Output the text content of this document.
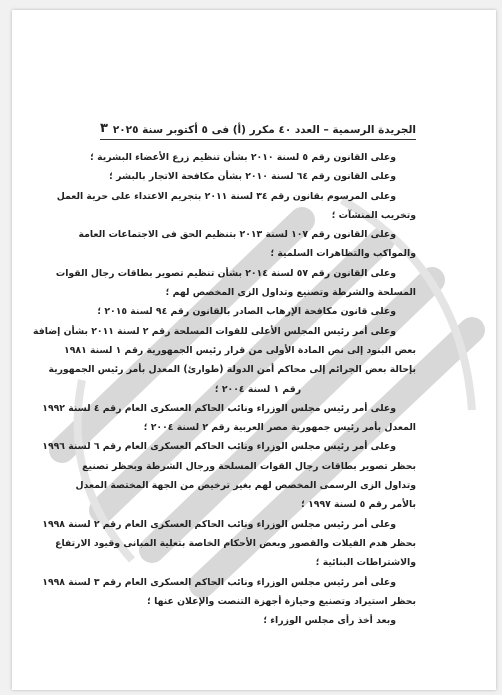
الجريدة الرسمية – العدد ٤٠ مكرر (أ) فى ٥ أكتوبر سنة ٢٠٢٥
٣
وعلى القانون رقم ٥ لسنة ٢٠١٠ بشأن تنظيم زرع الأعضاء البشرية ؛
وعلى القانون رقم ٦٤ لسنة ٢٠١٠ بشأن مكافحة الاتجار بالبشر ؛
وعلى المرسوم بقانون رقم ٣٤ لسنة ٢٠١١ بتجريم الاعتداء على حرية العمل
وتخريب المنشآت ؛
وعلى القانون رقم ١٠٧ لسنة ٢٠١٣ بتنظيم الحق فى الاجتماعات العامة
والمواكب والتظاهرات السلمية ؛
وعلى القانون رقم ٥٧ لسنة ٢٠١٤ بشأن تنظيم تصوير بطاقات رجال القوات
المسلحة والشرطة وتصنيع وتداول الزى المخصص لهم ؛
وعلى قانون مكافحة الإرهاب الصادر بالقانون رقم ٩٤ لسنة ٢٠١٥ ؛
وعلى أمر رئيس المجلس الأعلى للقوات المسلحة رقم ٢ لسنة ٢٠١١ بشأن إضافة
بعض البنود إلى نص المادة الأولى من قرار رئيس الجمهورية رقم ١ لسنة ١٩٨١
بإحالة بعض الجرائم إلى محاكم أمن الدولة (طوارئ) المعدل بأمر رئيس الجمهورية
رقم ١ لسنة ٢٠٠٤ ؛
وعلى أمر رئيس مجلس الوزراء ونائب الحاكم العسكرى العام رقم ٤ لسنة ١٩٩٢
المعدل بأمر رئيس جمهورية مصر العربية رقم ٢ لسنة ٢٠٠٤ ؛
وعلى أمر رئيس مجلس الوزراء ونائب الحاكم العسكرى العام رقم ٦ لسنة ١٩٩٦
بحظر تصوير بطاقات رجال القوات المسلحة ورجال الشرطة وبحظر تصنيع
وتداول الزى الرسمى المخصص لهم بغير ترخيص من الجهة المختصة المعدل
بالأمر رقم ٥ لسنة ١٩٩٧ ؛
وعلى أمر رئيس مجلس الوزراء ونائب الحاكم العسكرى العام رقم ٢ لسنة ١٩٩٨
بحظر هدم الفيلات والقصور وبعض الأحكام الخاصة بتعلية المبانى وقيود الارتفاع
والاشتراطات البنائية ؛
وعلى أمر رئيس مجلس الوزراء ونائب الحاكم العسكرى العام رقم ٣ لسنة ١٩٩٨
بحظر استيراد وتصنيع وحيازة أجهزة التنصت والإعلان عنها ؛
وبعد أخذ رأى مجلس الوزراء ؛
